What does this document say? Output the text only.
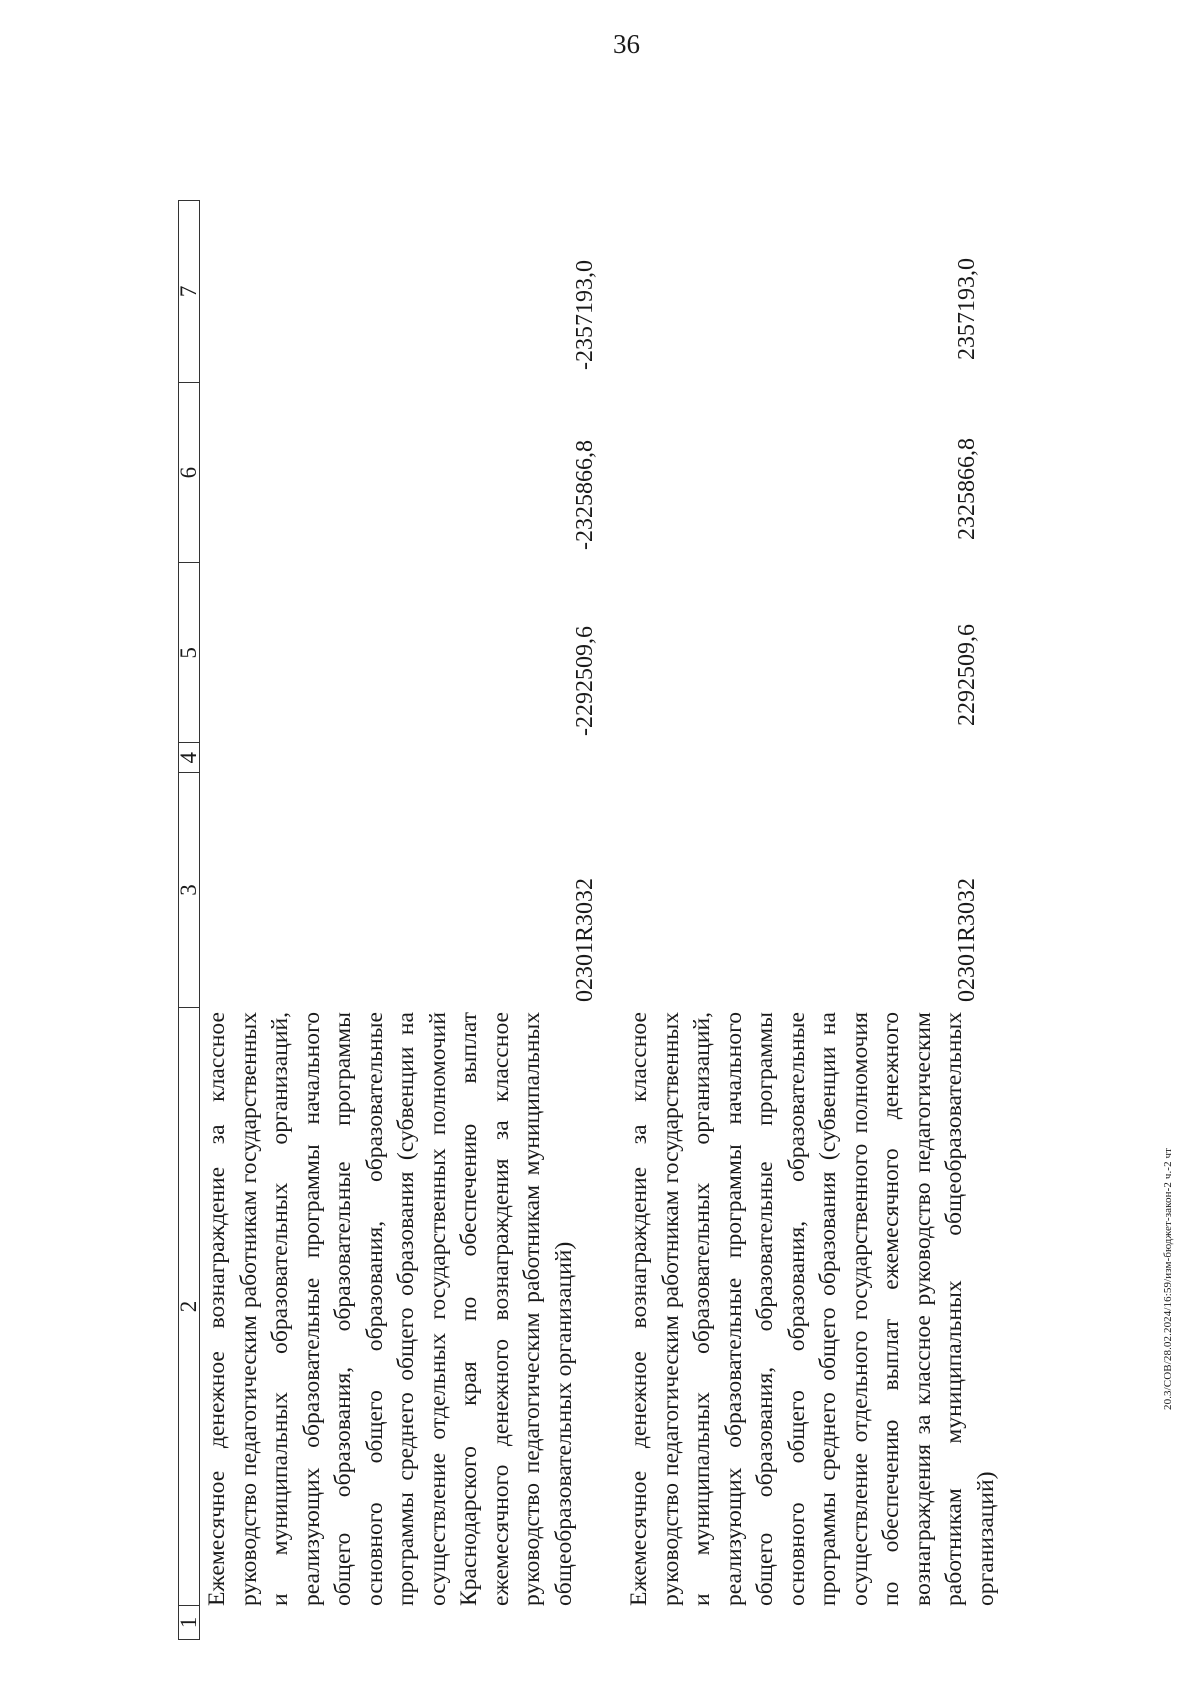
36
20.3/СОВ/28.02.2024/16:59/изм-бюджет-закон-2 ч.-2 чт
1
2
3
4
5
6
7
Ежемесячное денежное вознаграждение за классное руководство педагогическим работникам государственных и муниципальных образовательных организаций, реализующих образовательные программы начального общего образования, образовательные программы основного общего образования, образовательные программы среднего общего образования (субвенции на осуществление отдельных государственных полномочий Краснодарского края по обеспечению выплат ежемесячного денежного вознаграждения за классное руководство педагогическим работникам муниципальных общеобразовательных организаций)
02301R3032
-2292509,6
-2325866,8
-2357193,0
Ежемесячное денежное вознаграждение за классное руководство педагогическим работникам государственных и муниципальных образовательных организаций, реализующих образовательные программы начального общего образования, образовательные программы основного общего образования, образовательные программы среднего общего образования (субвенции на осуществление отдельного государственного полномочия по обеспечению выплат ежемесячного денежного вознаграждения за классное руководство педагогическим работникам муниципальных общеобразовательных организаций)
02301R3032
2292509,6
2325866,8
2357193,0
